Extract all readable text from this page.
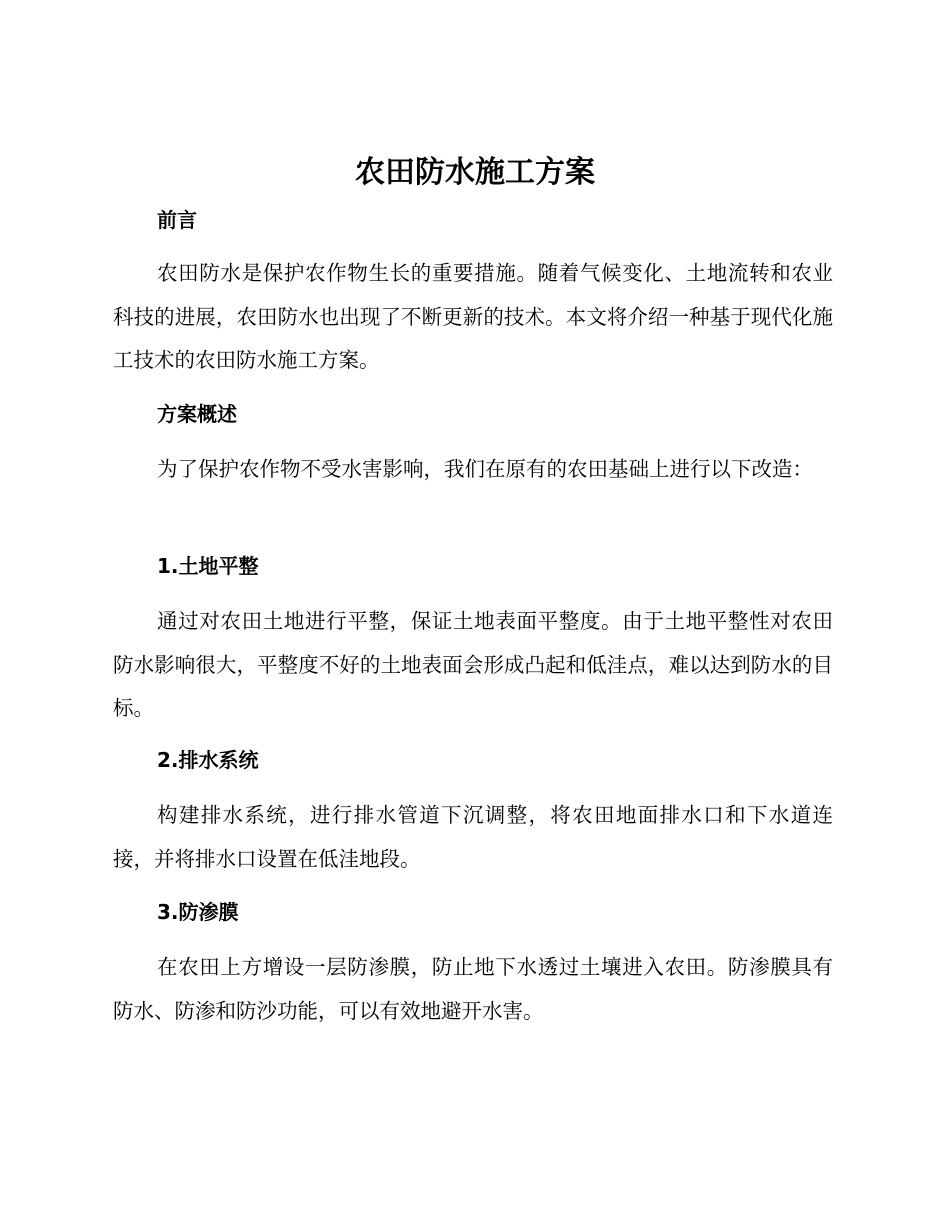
农田防水施工方案
前言

农田防水是保护农作物生长的重要措施。随着气候变化、土地流转和农业科技的进展，农田防水也出现了不断更新的技术。本文将介绍一种基于现代化施工技术的农田防水施工方案。

方案概述

为了保护农作物不受水害影响，我们在原有的农田基础上进行以下改造：

1.土地平整

通过对农田土地进行平整，保证土地表面平整度。由于土地平整性对农田防水影响很大，平整度不好的土地表面会形成凸起和低洼点，难以达到防水的目标。

2.排水系统

构建排水系统，进行排水管道下沉调整，将农田地面排水口和下水道连接，并将排水口设置在低洼地段。

3.防渗膜

在农田上方增设一层防渗膜，防止地下水透过土壤进入农田。防渗膜具有防水、防渗和防沙功能，可以有效地避开水害。
